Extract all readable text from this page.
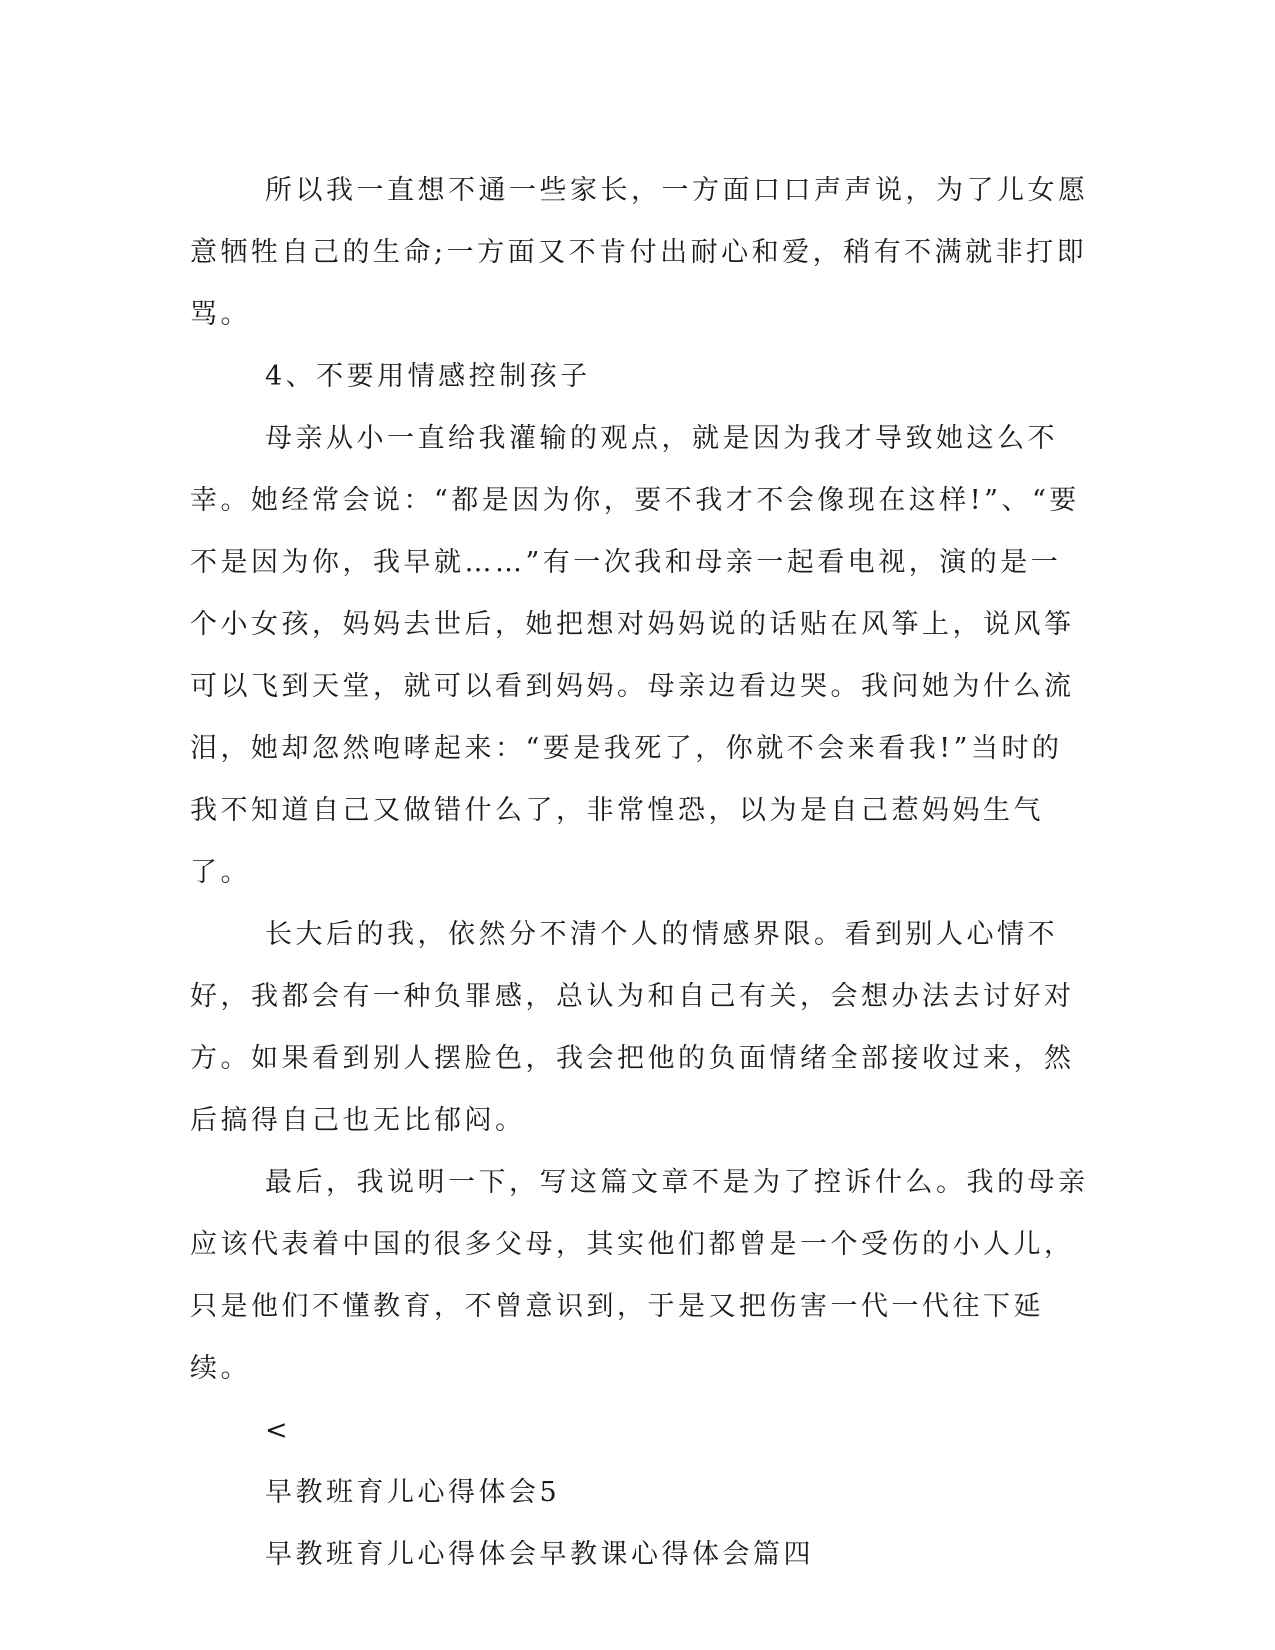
所以我一直想不通一些家长，一方面口口声声说，为了儿女愿意牺牲自己的生命;一方面又不肯付出耐心和爱，稍有不满就非打即骂。

4、不要用情感控制孩子

母亲从小一直给我灌输的观点，就是因为我才导致她这么不幸。她经常会说：“都是因为你，要不我才不会像现在这样!”、“要不是因为你，我早就……”有一次我和母亲一起看电视，演的是一个小女孩，妈妈去世后，她把想对妈妈说的话贴在风筝上，说风筝可以飞到天堂，就可以看到妈妈。母亲边看边哭。我问她为什么流泪，她却忽然咆哮起来：“要是我死了，你就不会来看我!”当时的我不知道自己又做错什么了，非常惶恐，以为是自己惹妈妈生气了。

长大后的我，依然分不清个人的情感界限。看到别人心情不好，我都会有一种负罪感，总认为和自己有关，会想办法去讨好对方。如果看到别人摆脸色，我会把他的负面情绪全部接收过来，然后搞得自己也无比郁闷。

最后，我说明一下，写这篇文章不是为了控诉什么。我的母亲应该代表着中国的很多父母，其实他们都曾是一个受伤的小人儿，只是他们不懂教育，不曾意识到，于是又把伤害一代一代往下延续。

<

早教班育儿心得体会5

早教班育儿心得体会早教课心得体会篇四
